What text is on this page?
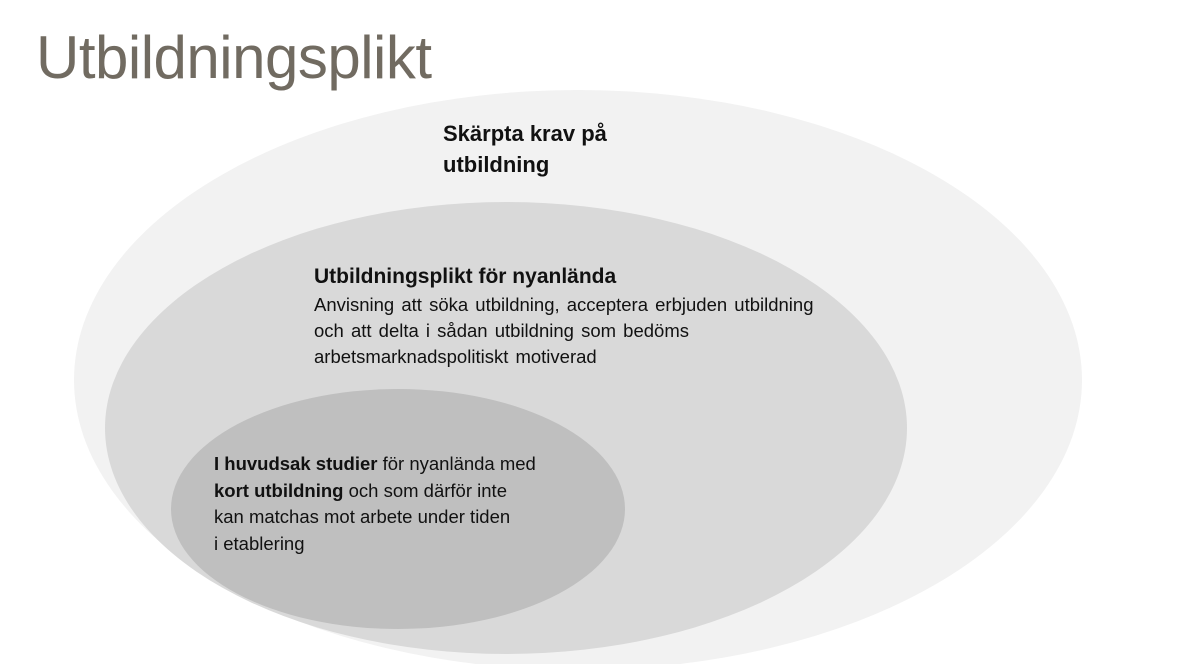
Utbildningsplikt
Skärpta krav på
utbildning
Utbildningsplikt för nyanlända
Anvisning att söka utbildning, acceptera erbjuden utbildning och att delta i sådan utbildning som bedöms arbetsmarknadspolitiskt motiverad
I huvudsak studier för nyanlända med
kort utbildning och som därför inte
kan matchas mot arbete under tiden
i etablering
